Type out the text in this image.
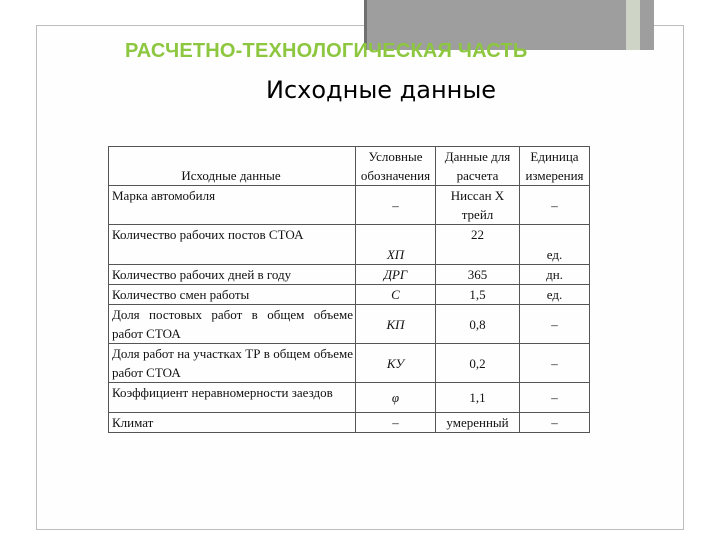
РАСЧЕТНО-ТЕХНОЛОГИЧЕСКАЯ ЧАСТЬ
Исходные данные
Исходные данные	Условные обозначения	Данные для расчета	Единица измерения
Марка автомобиля	–	Ниссан Х трейл	–
Количество рабочих постов СТОА	ХП	22	ед.
Количество рабочих дней в году	ДРГ	365	дн.
Количество смен работы	С	1,5	ед.
Доля постовых работ в общем объеме работ СТОА	КП	0,8	–
Доля работ на участках ТР в общем объеме работ СТОА	КУ	0,2	–
Коэффициент неравномерности заездов	φ	1,1	–
Климат	–	умеренный	–
